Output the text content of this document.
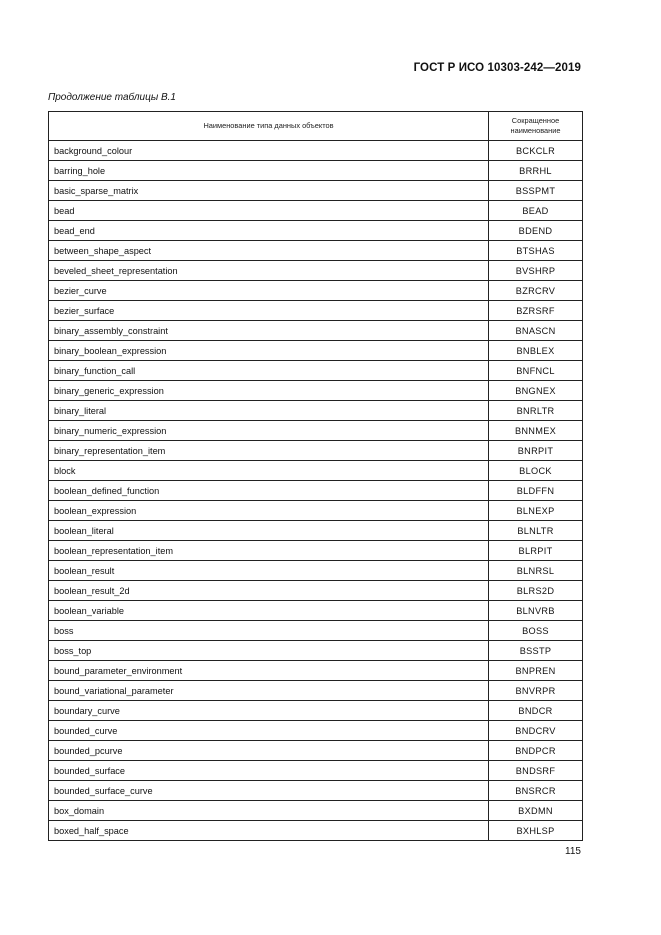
ГОСТ Р ИСО 10303-242—2019
Продолжение таблицы В.1
Наименование типа данных объектов	Сокращенное наименование
background_colour	BCKCLR
barring_hole	BRRHL
basic_sparse_matrix	BSSPMT
bead	BEAD
bead_end	BDEND
between_shape_aspect	BTSHAS
beveled_sheet_representation	BVSHRP
bezier_curve	BZRCRV
bezier_surface	BZRSRF
binary_assembly_constraint	BNASCN
binary_boolean_expression	BNBLEX
binary_function_call	BNFNCL
binary_generic_expression	BNGNEX
binary_literal	BNRLTR
binary_numeric_expression	BNNMEX
binary_representation_item	BNRPIT
block	BLOCK
boolean_defined_function	BLDFFN
boolean_expression	BLNEXP
boolean_literal	BLNLTR
boolean_representation_item	BLRPIT
boolean_result	BLNRSL
boolean_result_2d	BLRS2D
boolean_variable	BLNVRB
boss	BOSS
boss_top	BSSTP
bound_parameter_environment	BNPREN
bound_variational_parameter	BNVRPR
boundary_curve	BNDCR
bounded_curve	BNDCRV
bounded_pcurve	BNDPCR
bounded_surface	BNDSRF
bounded_surface_curve	BNSRCR
box_domain	BXDMN
boxed_half_space	BXHLSP
115
